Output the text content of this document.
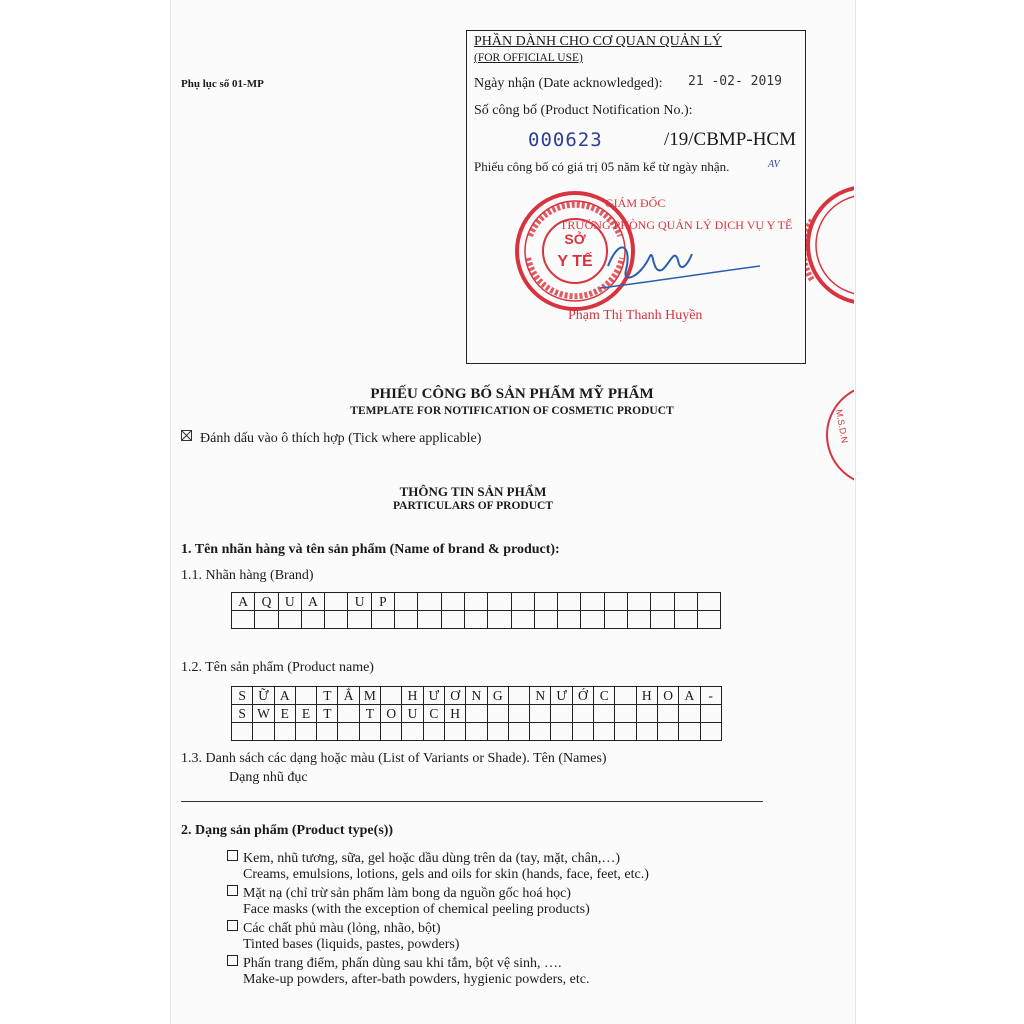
Phụ lục số 01-MP
PHẦN DÀNH CHO CƠ QUAN QUẢN LÝ
(FOR OFFICIAL USE)
Ngày nhận (Date acknowledged): 21 -02- 2019
Số công bố (Product Notification No.):
000623	/19/CBMP-HCM
Phiếu công bố có giá trị 05 năm kể từ ngày nhận.	AV
SỞ
Y TẾ
GIÁM ĐỐC
TRƯỞNG PHÒNG QUẢN LÝ DỊCH VỤ Y TẾ
Phạm Thị Thanh Huyền
M.S.D.N
PHIẾU CÔNG BỐ SẢN PHẨM MỸ PHẨM
TEMPLATE FOR NOTIFICATION OF COSMETIC PRODUCT
Đánh dấu vào ô thích hợp (Tick where applicable)
THÔNG TIN SẢN PHẨM
PARTICULARS OF PRODUCT
1. Tên nhãn hàng và tên sản phẩm (Name of brand & product):
1.1. Nhãn hàng (Brand)
A	Q	U	A	U	P
1.2. Tên sản phẩm (Product name)
S Ữ A	T Ắ M	H Ư Ơ N G	N Ư Ớ C	H O A	-
S W E E T	T O U C H
1.3. Danh sách các dạng hoặc màu (List of Variants or Shade). Tên (Names)
Dạng nhũ đục
2. Dạng sản phẩm (Product type(s))
Kem, nhũ tương, sữa, gel hoặc dầu dùng trên da (tay, mặt, chân,…)
Creams, emulsions, lotions, gels and oils for skin (hands, face, feet, etc.)
Mặt nạ (chỉ trừ sản phẩm làm bong da nguồn gốc hoá học)
Face masks (with the exception of chemical peeling products)
Các chất phủ màu (lỏng, nhão, bột)
Tinted bases (liquids, pastes, powders)
Phấn trang điểm, phấn dùng sau khi tắm, bột vệ sinh, ….
Make-up powders, after-bath powders, hygienic powders, etc.
